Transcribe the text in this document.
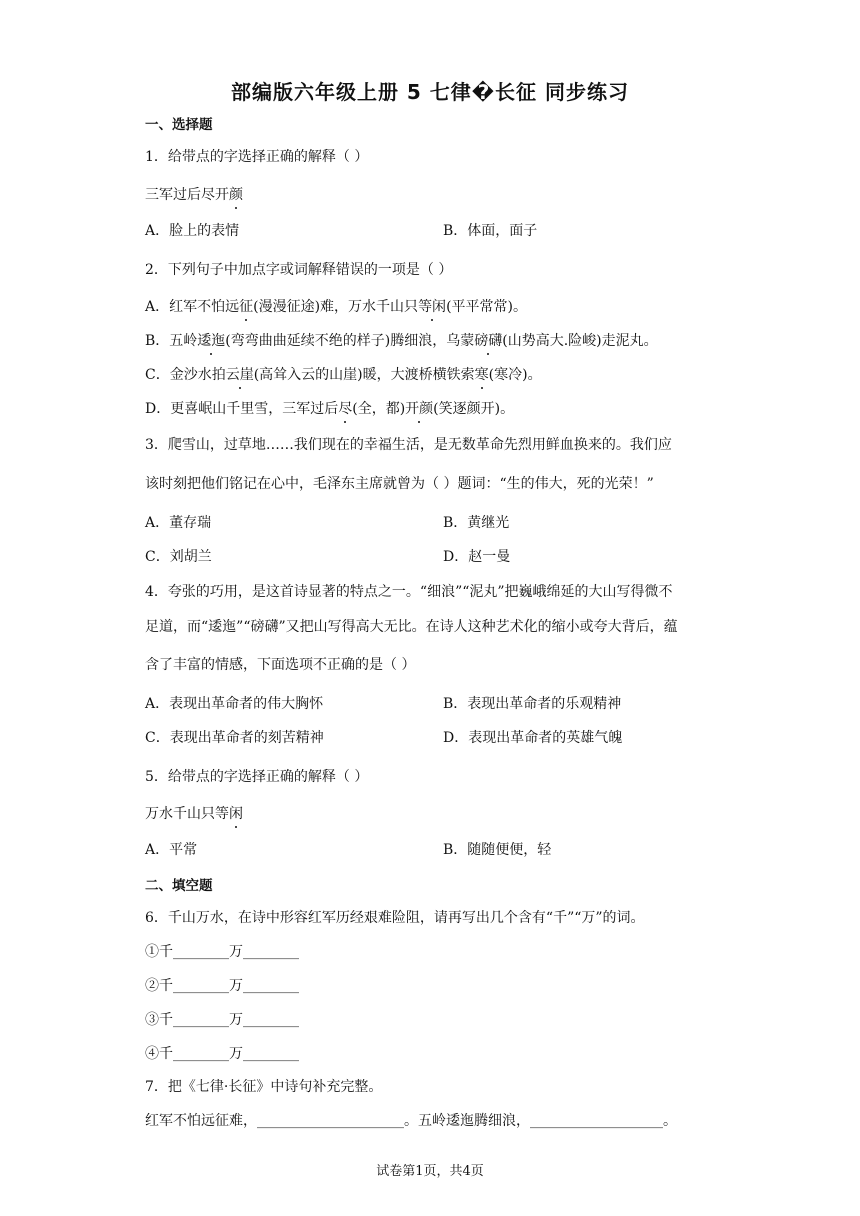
部编版六年级上册 5 七律�长征 同步练习
一、选择题
1．给带点的字选择正确的解释（ ）
三军过后尽开颜
A．脸上的表情	B．体面，面子
2．下列句子中加点字或词解释错误的一项是（ ）
A．红军不怕远征(漫漫征途)难，万水千山只等闲(平平常常)。
B．五岭逶迤(弯弯曲曲延续不绝的样子)腾细浪，乌蒙磅礴(山势高大.险峻)走泥丸。
C．金沙水拍云崖(高耸入云的山崖)暖，大渡桥横铁索寒(寒冷)。
D．更喜岷山千里雪，三军过后尽(全，都)开颜(笑逐颜开)。
3．爬雪山，过草地……我们现在的幸福生活，是无数革命先烈用鲜血换来的。我们应
该时刻把他们铭记在心中，毛泽东主席就曾为（ ）题词：“生的伟大，死的光荣！”
A．董存瑞	B．黄继光
C．刘胡兰	D．赵一曼
4．夸张的巧用，是这首诗显著的特点之一。“细浪”“泥丸”把巍峨绵延的大山写得微不
足道，而“逶迤”“磅礴”又把山写得高大无比。在诗人这种艺术化的缩小或夸大背后，蕴
含了丰富的情感，下面选项不正确的是（ ）
A．表现出革命者的伟大胸怀	B．表现出革命者的乐观精神
C．表现出革命者的刻苦精神	D．表现出革命者的英雄气魄
5．给带点的字选择正确的解释（ ）
万水千山只等闲
A．平常	B．随随便便，轻
二、填空题
6．千山万水，在诗中形容红军历经艰难险阻，请再写出几个含有“千”“万”的词。
①千________万________
②千________万________
③千________万________
④千________万________
7．把《七律·长征》中诗句补充完整。
红军不怕远征难，_____________________。五岭逶迤腾细浪，___________________。
试卷第1页，共4页
